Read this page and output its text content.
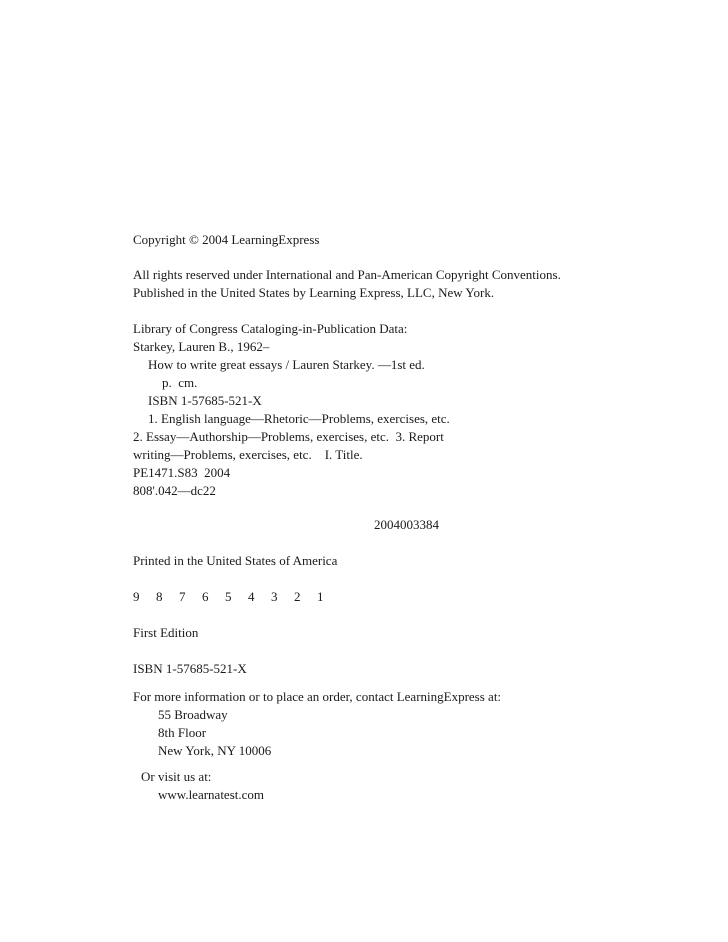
Copyright © 2004 LearningExpress
All rights reserved under International and Pan-American Copyright Conventions.
Published in the United States by Learning Express, LLC, New York.
Library of Congress Cataloging-in-Publication Data:
Starkey, Lauren B., 1962–
How to write great essays / Lauren Starkey. —1st ed.
p.  cm.
ISBN 1-57685-521-X
1. English language—Rhetoric—Problems, exercises, etc.
2. Essay—Authorship—Problems, exercises, etc.  3. Report
writing—Problems, exercises, etc.    I. Title.
PE1471.S83  2004
808'.042—dc22
2004003384
Printed in the United States of America
9  8  7  6  5  4  3  2  1
First Edition
ISBN 1-57685-521-X
For more information or to place an order, contact LearningExpress at:
55 Broadway
8th Floor
New York, NY 10006
Or visit us at:
www.learnatest.com
